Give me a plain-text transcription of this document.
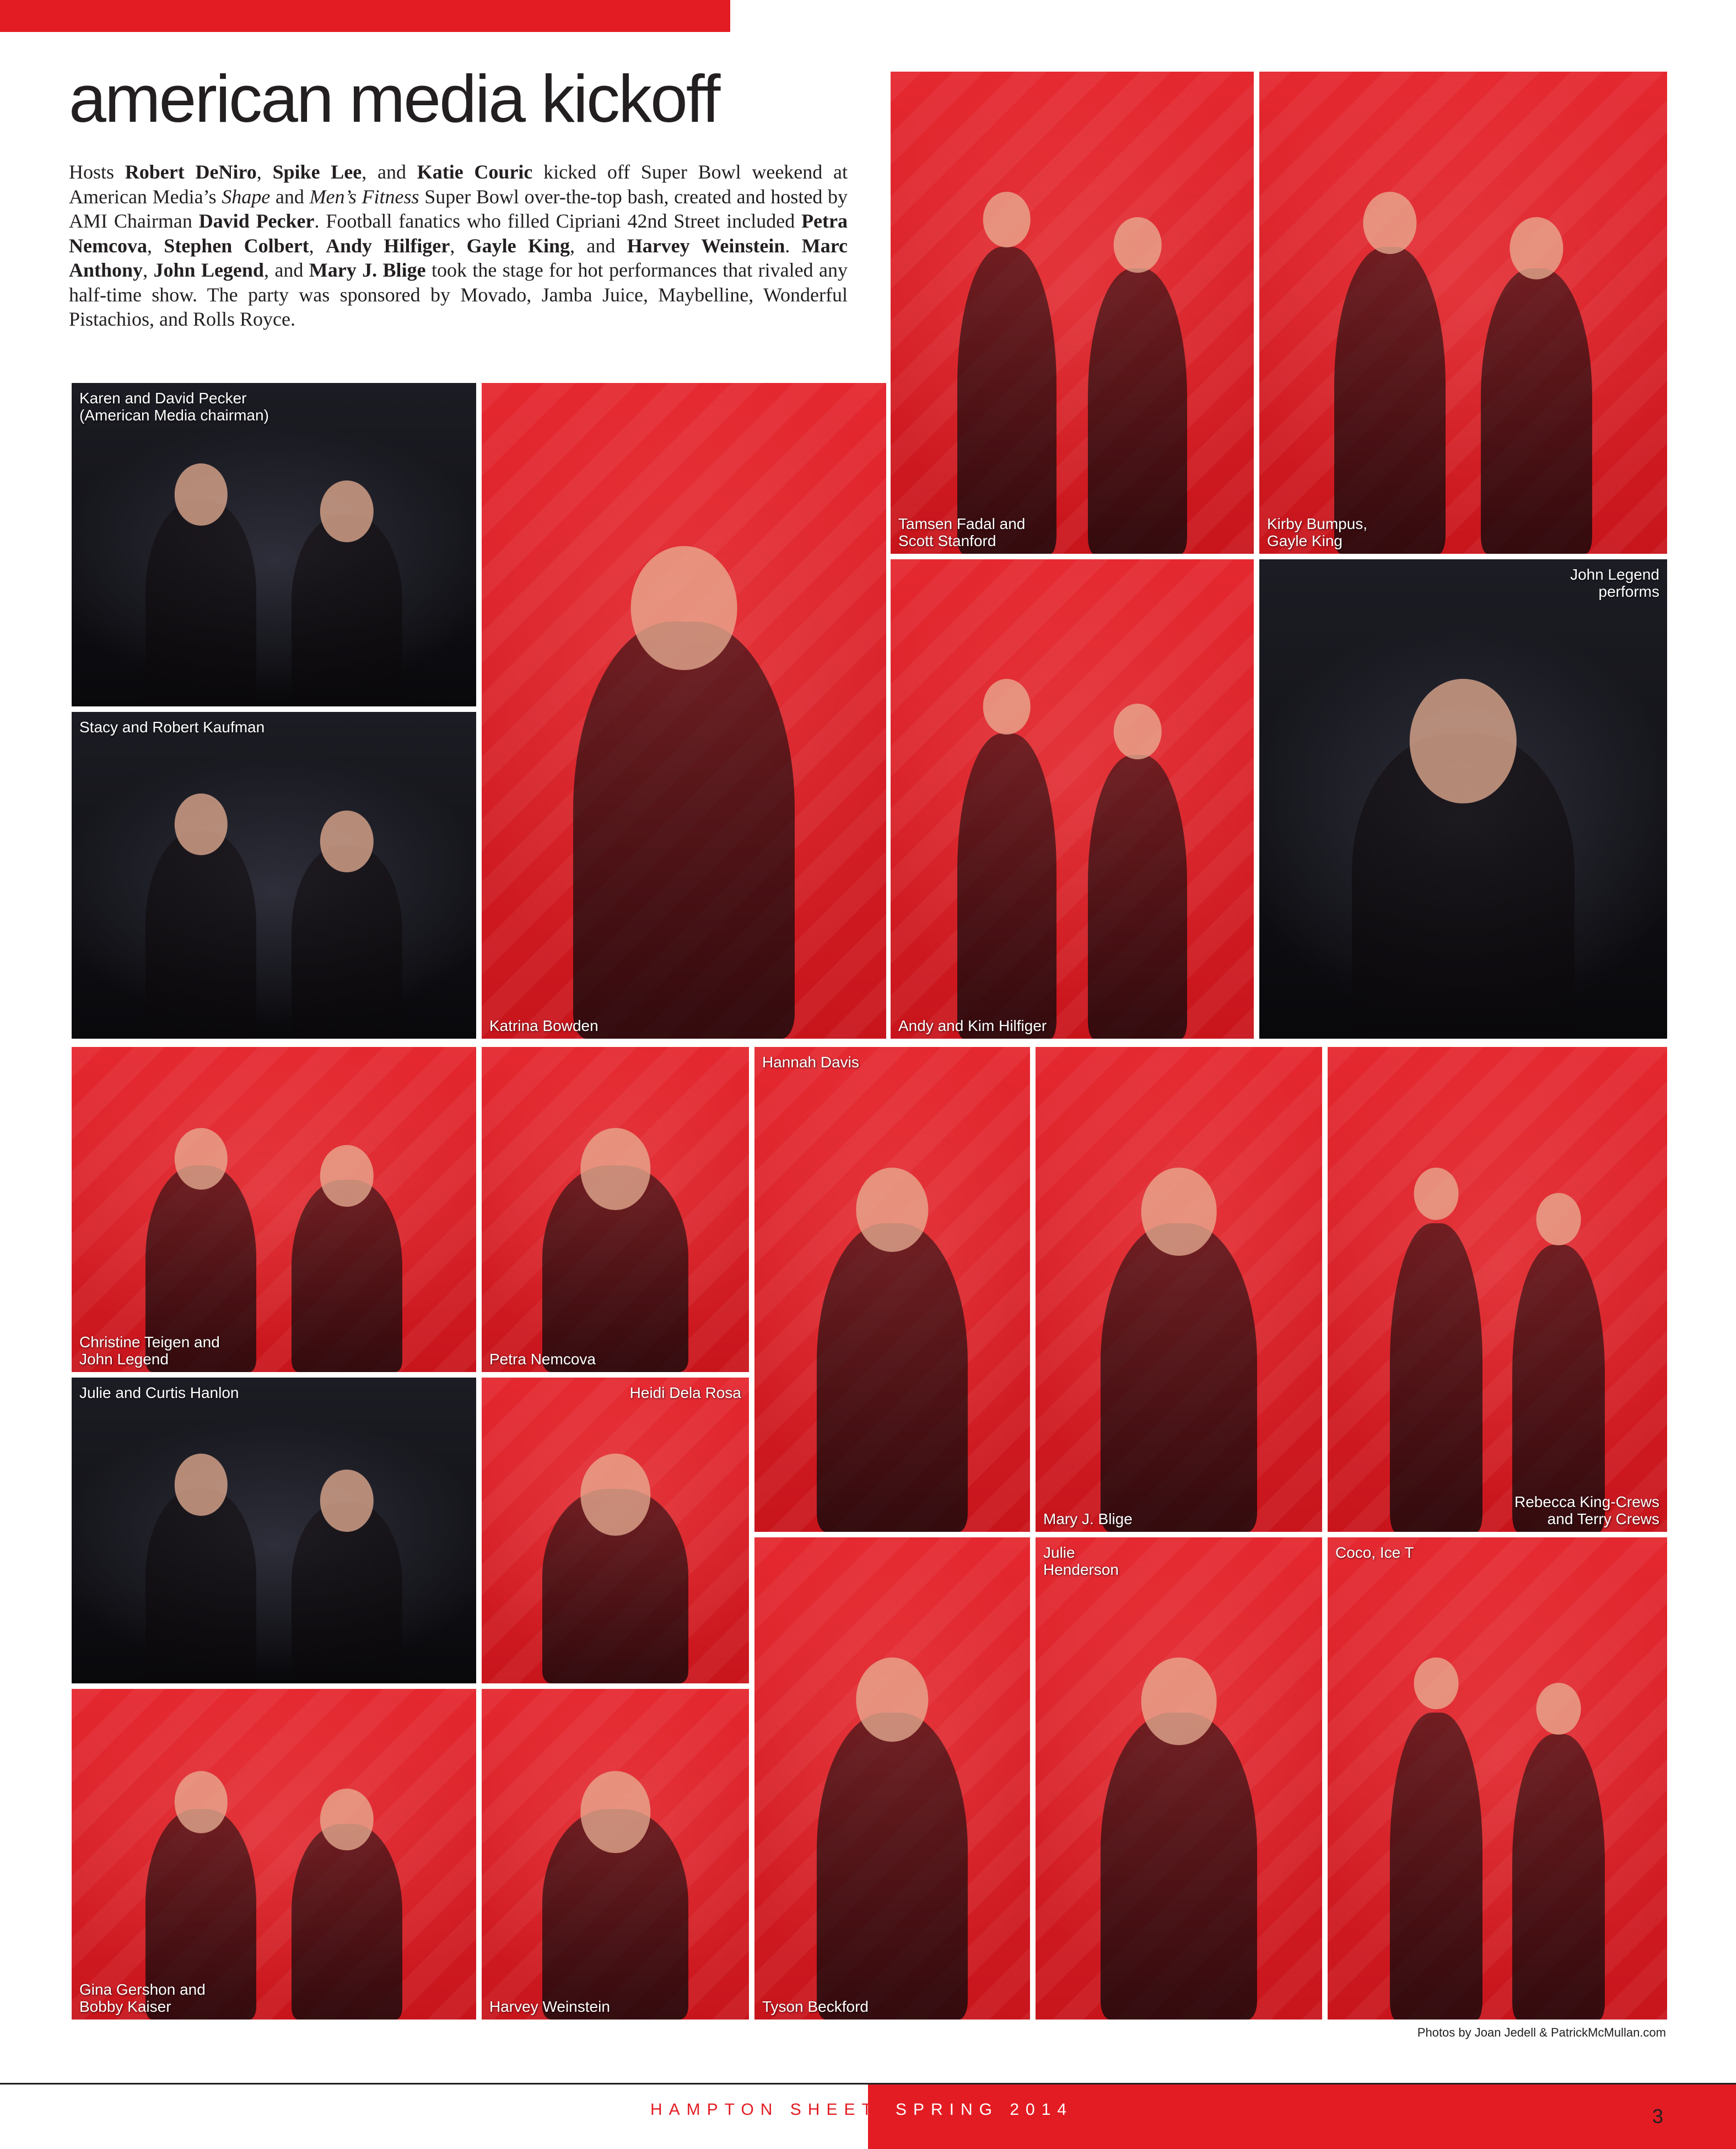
american media kickoff

Hosts Robert DeNiro, Spike Lee, and Katie Couric kicked off Super Bowl weekend at American Media’s Shape and Men’s Fitness Super Bowl over-the-top bash, created and hosted by AMI Chairman David Pecker. Football fanatics who filled Cipriani 42nd Street included Petra Nemcova, Stephen Colbert, Andy Hilfiger, Gayle King, and Harvey Weinstein. Marc Anthony, John Legend, and Mary J. Blige took the stage for hot performances that rivaled any half-time show. The party was sponsored by Movado, Jamba Juice, Maybelline, Wonderful Pistachios, and Rolls Royce.

Tamsen Fadal and
Scott Stanford
Kirby Bumpus,
Gayle King
Karen and David Pecker
(American Media chairman)
Katrina Bowden	Andy and Kim Hilfiger
John Legend
performs
Stacy and Robert Kaufman
Christine Teigen and
John Legend	Petra Nemcova
Hannah Davis
Mary J. Blige
Rebecca King-Crews
and Terry Crews
Julie and Curtis Hanlon	Heidi Dela Rosa
Julie
Henderson
Coco, Ice T
Tyson Beckford
Gina Gershon and
Bobby Kaiser	Harvey Weinstein
Photos by Joan Jedell & PatrickMcMullan.com
HAMPTON SHEET SPRING 2014	3
